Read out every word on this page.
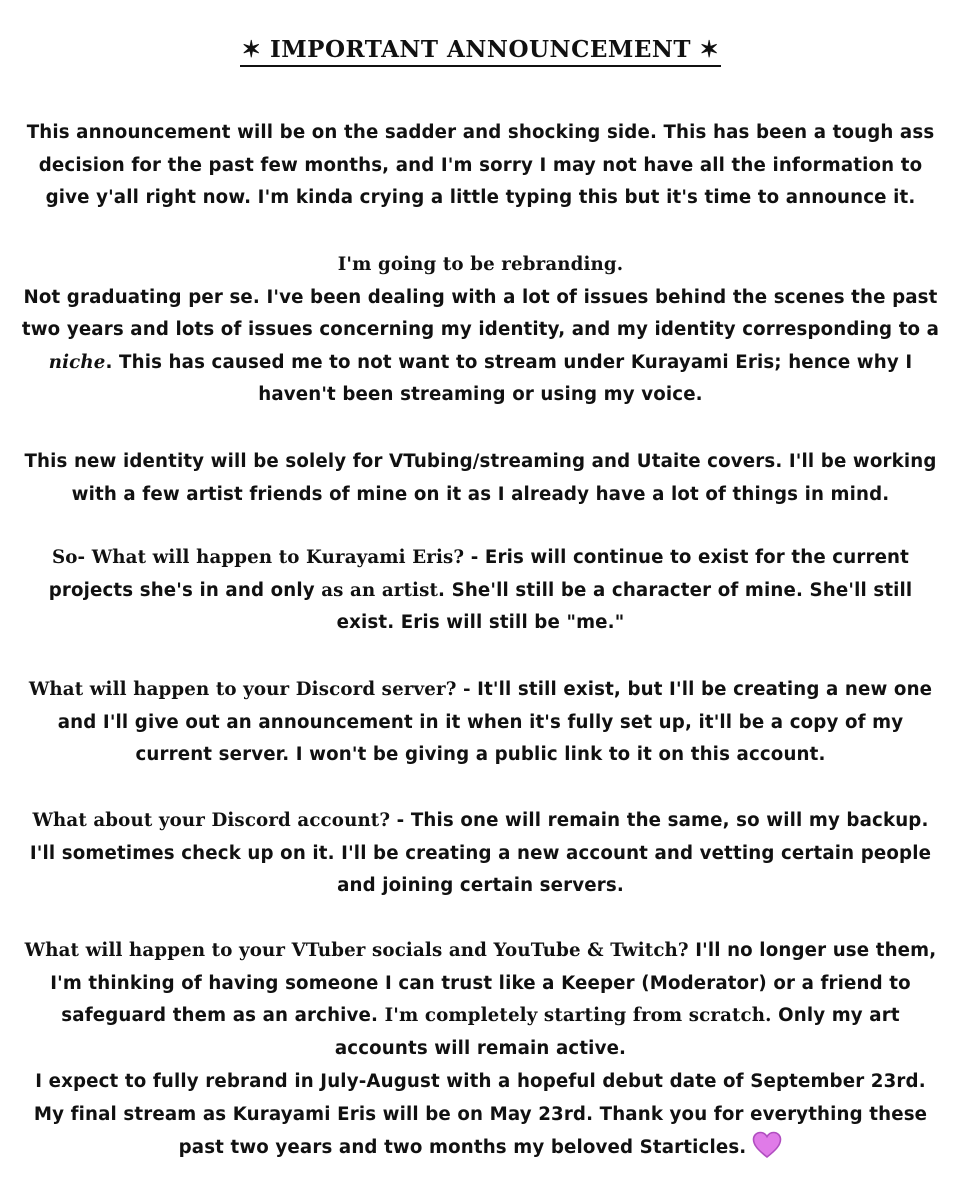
✶ IMPORTANT ANNOUNCEMENT ✶

This announcement will be on the sadder and shocking side. This has been a tough ass decision for the past few months, and I'm sorry I may not have all the information to give y'all right now. I'm kinda crying a little typing this but it's time to announce it.

I'm going to be rebranding.
Not graduating per se. I've been dealing with a lot of issues behind the scenes the past two years and lots of issues concerning my identity, and my identity corresponding to a niche. This has caused me to not want to stream under Kurayami Eris; hence why I haven't been streaming or using my voice.

This new identity will be solely for VTubing/streaming and Utaite covers. I'll be working with a few artist friends of mine on it as I already have a lot of things in mind.

So- What will happen to Kurayami Eris? - Eris will continue to exist for the current projects she's in and only as an artist. She'll still be a character of mine. She'll still exist. Eris will still be "me."

What will happen to your Discord server? - It'll still exist, but I'll be creating a new one and I'll give out an announcement in it when it's fully set up, it'll be a copy of my current server. I won't be giving a public link to it on this account.

What about your Discord account? - This one will remain the same, so will my backup. I'll sometimes check up on it. I'll be creating a new account and vetting certain people and joining certain servers.

What will happen to your VTuber socials and YouTube & Twitch? I'll no longer use them, I'm thinking of having someone I can trust like a Keeper (Moderator) or a friend to safeguard them as an archive. I'm completely starting from scratch. Only my art accounts will remain active.

I expect to fully rebrand in July-August with a hopeful debut date of September 23rd. My final stream as Kurayami Eris will be on May 23rd. Thank you for everything these past two years and two months my beloved Starticles.
